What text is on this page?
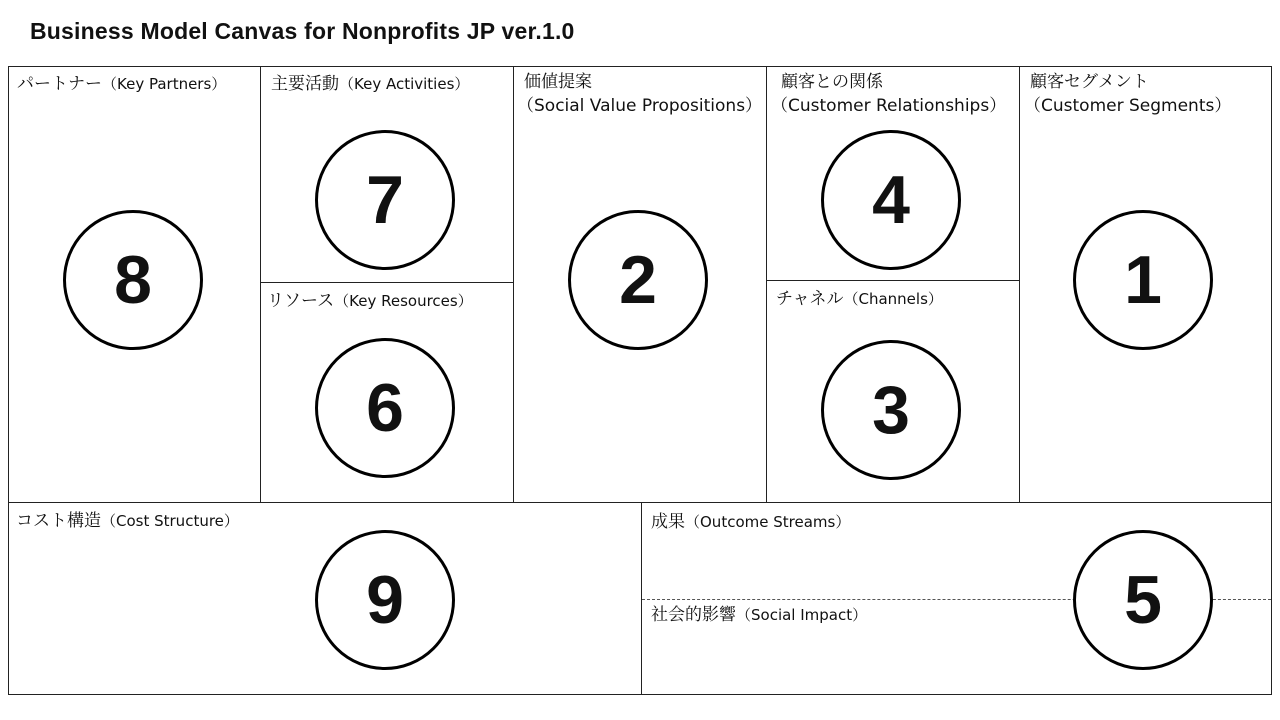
Business Model Canvas for Nonprofits JP ver.1.0
パートナー（Key Partners）
8
主要活動（Key Activities）
7
リソース（Key Resources）
6
価値提案
（Social Value Propositions）
2
顧客との関係
（Customer Relationships）
4
チャネル（Channels）
3
顧客セグメント
（Customer Segments）
1
コスト構造（Cost Structure）
9
成果（Outcome Streams）
社会的影響（Social Impact）	5
